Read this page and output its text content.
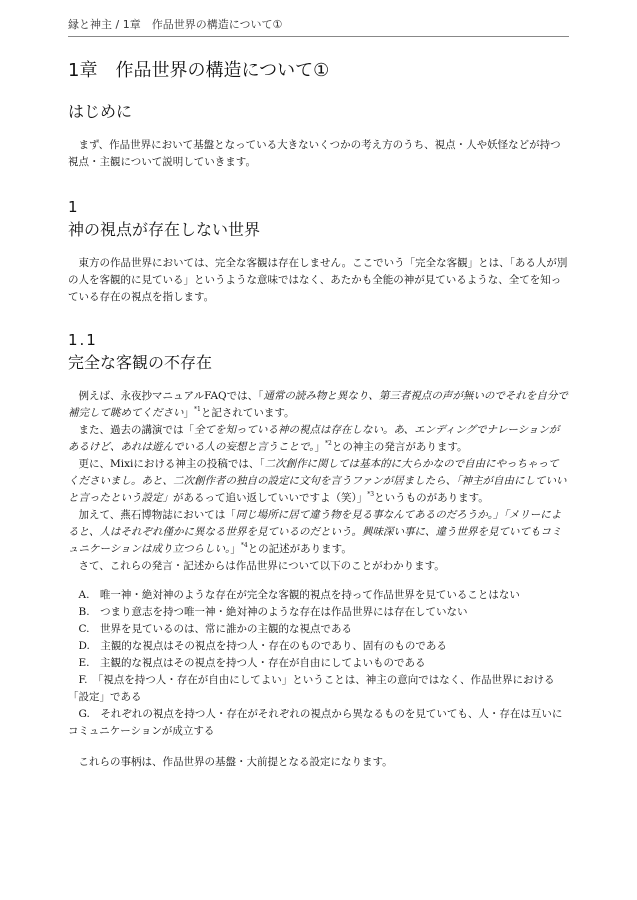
縁と神主 / 1章　作品世界の構造について①
1章　作品世界の構造について①
はじめに

まず、作品世界において基盤となっている大きないくつかの考え方のうち、視点・人や妖怪などが持つ視点・主観について説明していきます。

1
神の視点が存在しない世界

東方の作品世界においては、完全な客観は存在しません。ここでいう「完全な客観」とは、「ある人が別の人を客観的に見ている」というような意味ではなく、あたかも全能の神が見ているような、全てを知っている存在の視点を指します。

1.1
完全な客観の不存在

例えば、永夜抄マニュアルFAQでは、「通常の読み物と異なり、第三者視点の声が無いのでそれを自分で補完して眺めてください」$^{*1}$と記されています。

また、過去の講演では「全てを知っている神の視点は存在しない。あ、エンディングでナレーションがあるけど、あれは遊んでいる人の妄想と言うことで。」$^{*2}$との神主の発言があります。

更に、Mixiにおける神主の投稿では、「二次創作に関しては基本的に大らかなので自由にやっちゃってくださいまし。あと、二次創作者の独自の設定に文句を言うファンが居ましたら、「神主が自由にしていいと言ったという設定」があるって追い返していいですよ（笑）」$^{*3}$というものがあります。

加えて、燕石博物誌においては「同じ場所に居て違う物を見る事なんてあるのだろうか。」「メリーによると、人はそれぞれ僅かに異なる世界を見ているのだという。興味深い事に、違う世界を見ていてもコミュニケーションは成り立つらしい。」$^{*4}$との記述があります。

さて、これらの発言・記述からは作品世界について以下のことがわかります。

A.　 唯一神・絶対神のような存在が完全な客観的視点を持って作品世界を見ていることはない
B.　 つまり意志を持つ唯一神・絶対神のような存在は作品世界には存在していない
C.　 世界を見ているのは、常に誰かの主観的な視点である
D.　 主観的な視点はその視点を持つ人・存在のものであり、固有のものである
E.　 主観的な視点はその視点を持つ人・存在が自由にしてよいものである
F.　 「視点を持つ人・存在が自由にしてよい」ということは、神主の意向ではなく、作品世界における「設定」である
G.　 それぞれの視点を持つ人・存在がそれぞれの視点から異なるものを見ていても、人・存在は互いにコミュニケーションが成立する

これらの事柄は、作品世界の基盤・大前提となる設定になります。
